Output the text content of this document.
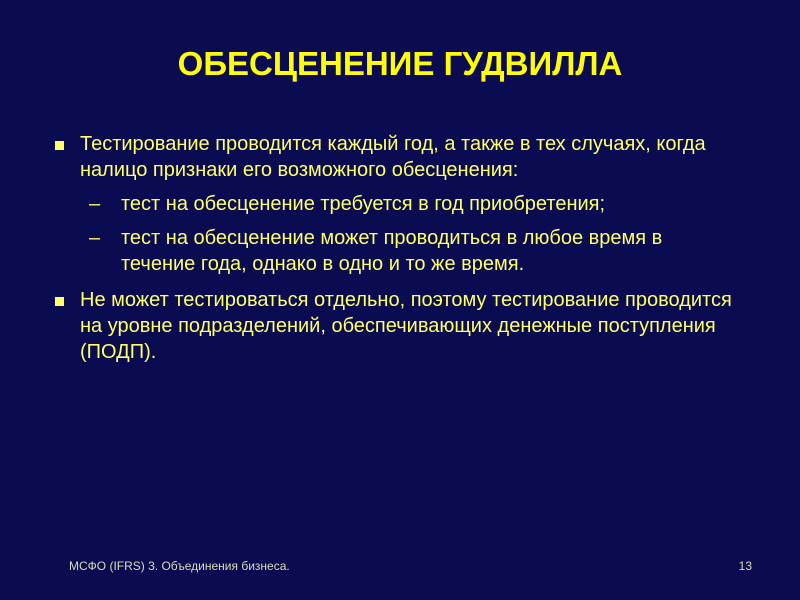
ОБЕСЦЕНЕНИЕ ГУДВИЛЛА
Тестирование проводится каждый год, а также в тех случаях, когда налицо признаки его возможного обесценения:
– тест на обесценение требуется в год приобретения;
– тест на обесценение может проводиться в любое время в течение года, однако в одно и то же время.
Не может тестироваться отдельно, поэтому тестирование проводится на уровне подразделений, обеспечивающих денежные поступления (ПОДП).
МСФО (IFRS) 3. Объединения бизнеса.	13
